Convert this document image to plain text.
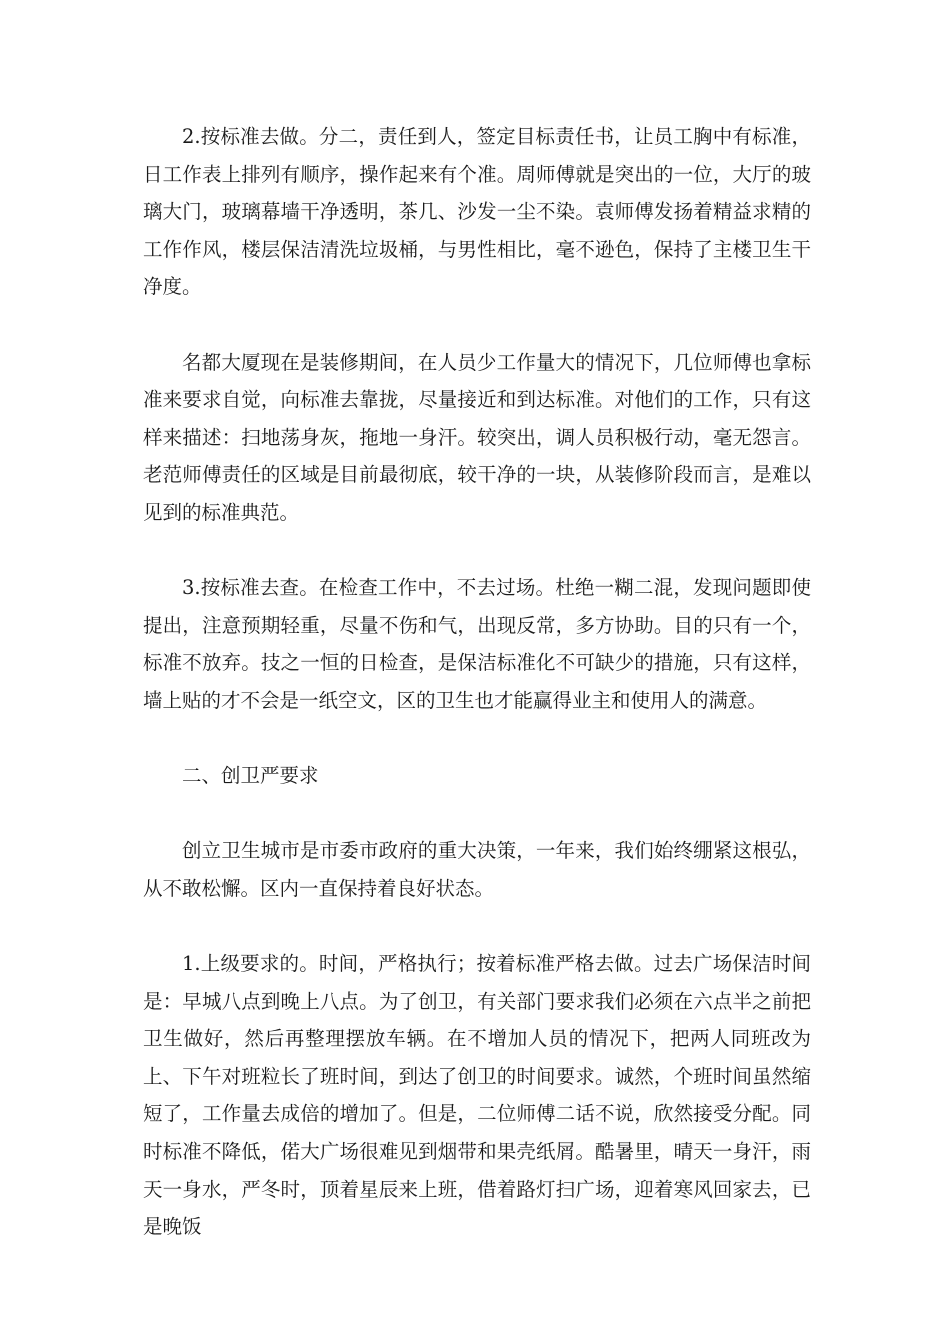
2.按标准去做。分二，责任到人，签定目标责任书，让员工胸中有标准，日工作表上排列有顺序，操作起来有个准。周师傅就是突出的一位，大厅的玻璃大门，玻璃幕墙干净透明，茶几、沙发一尘不染。袁师傅发扬着精益求精的工作作风，楼层保洁清洗垃圾桶，与男性相比，毫不逊色，保持了主楼卫生干净度。

名都大厦现在是装修期间，在人员少工作量大的情况下，几位师傅也拿标准来要求自觉，向标准去靠拢，尽量接近和到达标准。对他们的工作，只有这样来描述：扫地荡身灰，拖地一身汗。较突出，调人员积极行动，毫无怨言。老范师傅责任的区域是目前最彻底，较干净的一块，从装修阶段而言，是难以见到的标准典范。

3.按标准去查。在检查工作中，不去过场。杜绝一糊二混，发现问题即使提出，注意预期轻重，尽量不伤和气，出现反常，多方协助。目的只有一个，标准不放弃。技之一恒的日检查，是保洁标准化不可缺少的措施，只有这样，墙上贴的才不会是一纸空文，区的卫生也才能赢得业主和使用人的满意。

二、创卫严要求

创立卫生城市是市委市政府的重大决策，一年来，我们始终绷紧这根弘，从不敢松懈。区内一直保持着良好状态。

1.上级要求的。时间，严格执行；按着标准严格去做。过去广场保洁时间是：早城八点到晚上八点。为了创卫，有关部门要求我们必须在六点半之前把卫生做好，然后再整理摆放车辆。在不增加人员的情况下，把两人同班改为上、下午对班粒长了班时间，到达了创卫的时间要求。诚然，个班时间虽然缩短了，工作量去成倍的增加了。但是，二位师傅二话不说，欣然接受分配。同时标准不降低，偌大广场很难见到烟带和果壳纸屑。酷暑里，晴天一身汗，雨天一身水，严冬时，顶着星辰来上班，借着路灯扫广场，迎着寒风回家去，已是晚饭
